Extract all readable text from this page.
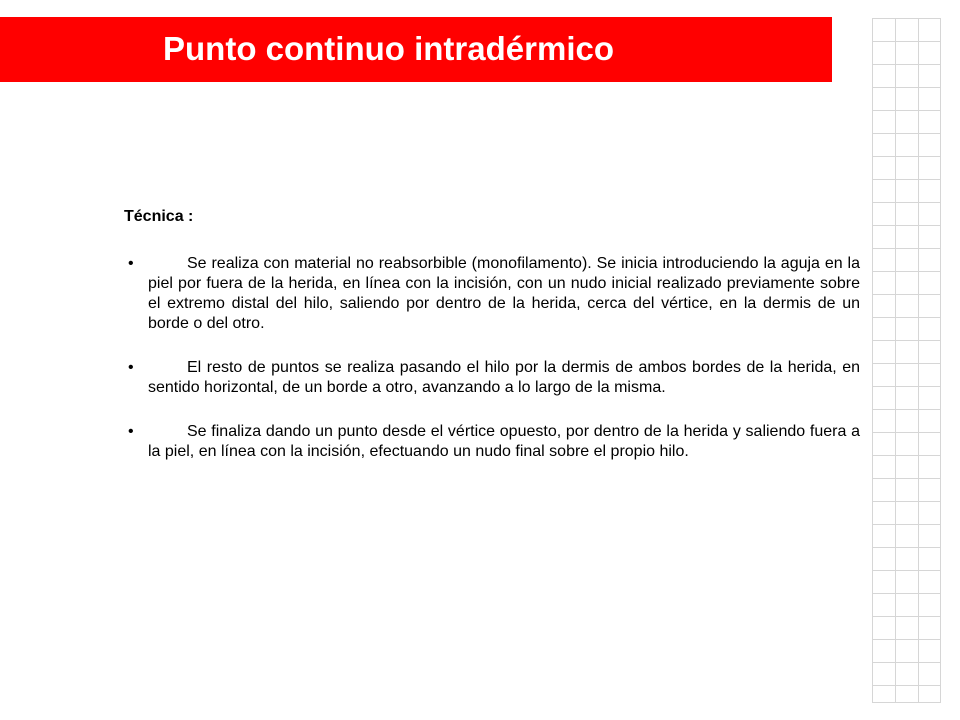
Punto continuo intradérmico

Técnica :

•	Se realiza con material no reabsorbible (monofilamento). Se inicia introduciendo la aguja en la piel por fuera de la herida, en línea con la incisión, con un nudo inicial realizado previamente sobre el extremo distal del hilo, saliendo por dentro de la herida, cerca del vértice, en la dermis de un borde o del otro.
•	El resto de puntos se realiza pasando el hilo por la dermis de ambos bordes de la herida, en sentido horizontal, de un borde a otro, avanzando a lo largo de la misma.
•	Se finaliza dando un punto desde el vértice opuesto, por dentro de la herida y saliendo fuera a la piel, en línea con la incisión, efectuando un nudo final sobre el propio hilo.
